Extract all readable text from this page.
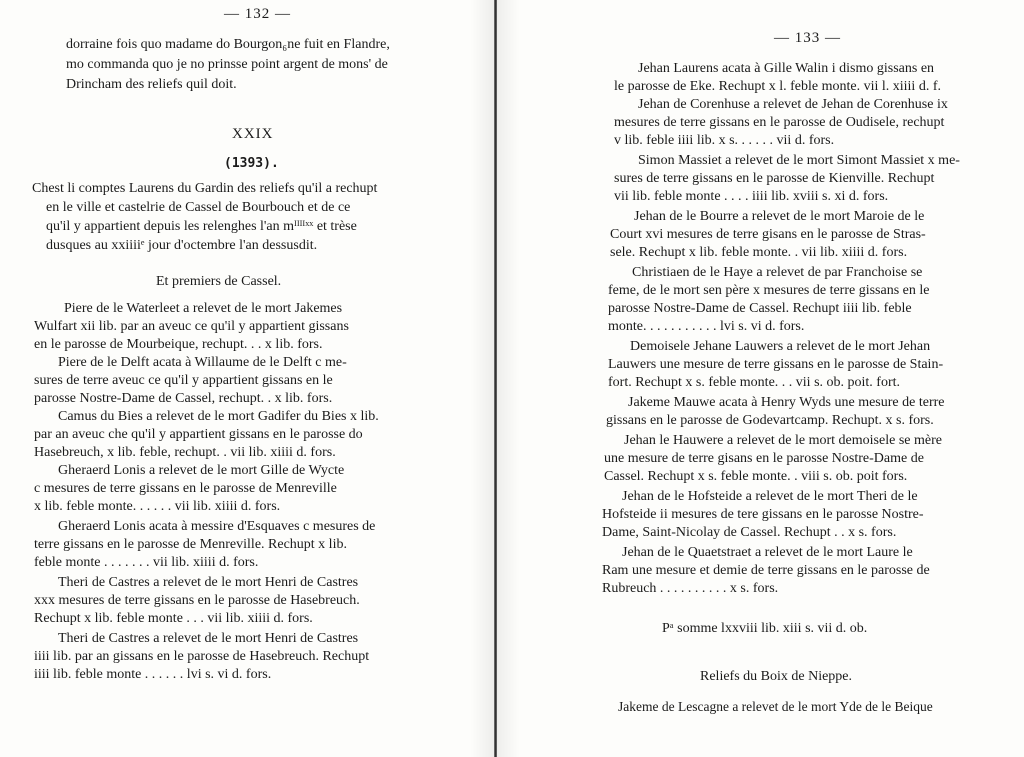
— 132 —
dorraine fois quo madame do Bourgon₆ne fuit en Flandre,
mo commanda quo je no prinsse point argent de mons' de
Drincham des reliefs quil doit.
XXIX
(1393).
Chest li comptes Laurens du Gardin des reliefs qu'il a rechupt
en le ville et castelrie de Cassel de Bourbouch et de ce
qu'il y appartient depuis les relenghes l'an mᴵᴵᴵᴵˣˣ et trèse
dusques au xxiiiiᵉ jour d'octembre l'an dessusdit.
Et premiers de Cassel.
Piere de le Waterleet a relevet de le mort Jakemes
Wulfart xii lib. par an aveuc ce qu'il y appartient gissans
en le parosse de Mourbeique, rechupt. . . x lib. fors.
Piere de le Delft acata à Willaume de le Delft c me-
sures de terre aveuc ce qu'il y appartient gissans en le
parosse Nostre-Dame de Cassel, rechupt. . x lib. fors.
Camus du Bies a relevet de le mort Gadifer du Bies x lib.
par an aveuc che qu'il y appartient gissans en le parosse do
Hasebreuch, x lib. feble, rechupt. . vii lib. xiiii d. fors.
Gheraerd Lonis a relevet de le mort Gille de Wycte
c mesures de terre gissans en le parosse de Menreville
x lib. feble monte. . . . . . vii lib. xiiii d. fors.
Gheraerd Lonis acata à messire d'Esquaves c mesures de
terre gissans en le parosse de Menreville. Rechupt x lib.
feble monte . . . . . . . vii lib. xiiii d. fors.
Theri de Castres a relevet de le mort Henri de Castres
xxx mesures de terre gissans en le parosse de Hasebreuch.
Rechupt x lib. feble monte . . . vii lib. xiiii d. fors.
Theri de Castres a relevet de le mort Henri de Castres
iiii lib. par an gissans en le parosse de Hasebreuch. Rechupt
iiii lib. feble monte . . . . . . lvi s. vi d. fors.
— 133 —
Jehan Laurens acata à Gille Walin i dismo gissans en
le parosse de Eke. Rechupt x l. feble monte. vii l. xiiii d. f.
Jehan de Corenhuse a relevet de Jehan de Corenhuse ix
mesures de terre gissans en le parosse de Oudisele, rechupt
v lib. feble iiii lib. x s. . . . . . vii d. fors.
Simon Massiet a relevet de le mort Simont Massiet x me-
sures de terre gissans en le parosse de Kienville. Rechupt
vii lib. feble monte . . . . iiii lib. xviii s. xi d. fors.
Jehan de le Bourre a relevet de le mort Maroie de le
Court xvi mesures de terre gisans en le parosse de Stras-
sele. Rechupt x lib. feble monte. . vii lib. xiiii d. fors.
Christiaen de le Haye a relevet de par Franchoise se
feme, de le mort sen père x mesures de terre gissans en le
parosse Nostre-Dame de Cassel. Rechupt iiii lib. feble
monte. . . . . . . . . . . lvi s. vi d. fors.
Demoisele Jehane Lauwers a relevet de le mort Jehan
Lauwers une mesure de terre gissans en le parosse de Stain-
fort. Rechupt x s. feble monte. . . vii s. ob. poit. fort.
Jakeme Mauwe acata à Henry Wyds une mesure de terre
gissans en le parosse de Godevartcamp. Rechupt. x s. fors.
Jehan le Hauwere a relevet de le mort demoisele se mère
une mesure de terre gisans en le parosse Nostre-Dame de
Cassel. Rechupt x s. feble monte. . viii s. ob. poit fors.
Jehan de le Hofsteide a relevet de le mort Theri de le
Hofsteide ii mesures de tere gissans en le parosse Nostre-
Dame, Saint-Nicolay de Cassel. Rechupt . . x s. fors.
Jehan de le Quaetstraet a relevet de le mort Laure le
Ram une mesure et demie de terre gissans en le parosse de
Rubreuch . . . . . . . . . . x s. fors.
Pᵃ somme lxxviii lib. xiii s. vii d. ob.
Reliefs du Boix de Nieppe.
Jakeme de Lescagne a relevet de le mort Yde de le Beique
